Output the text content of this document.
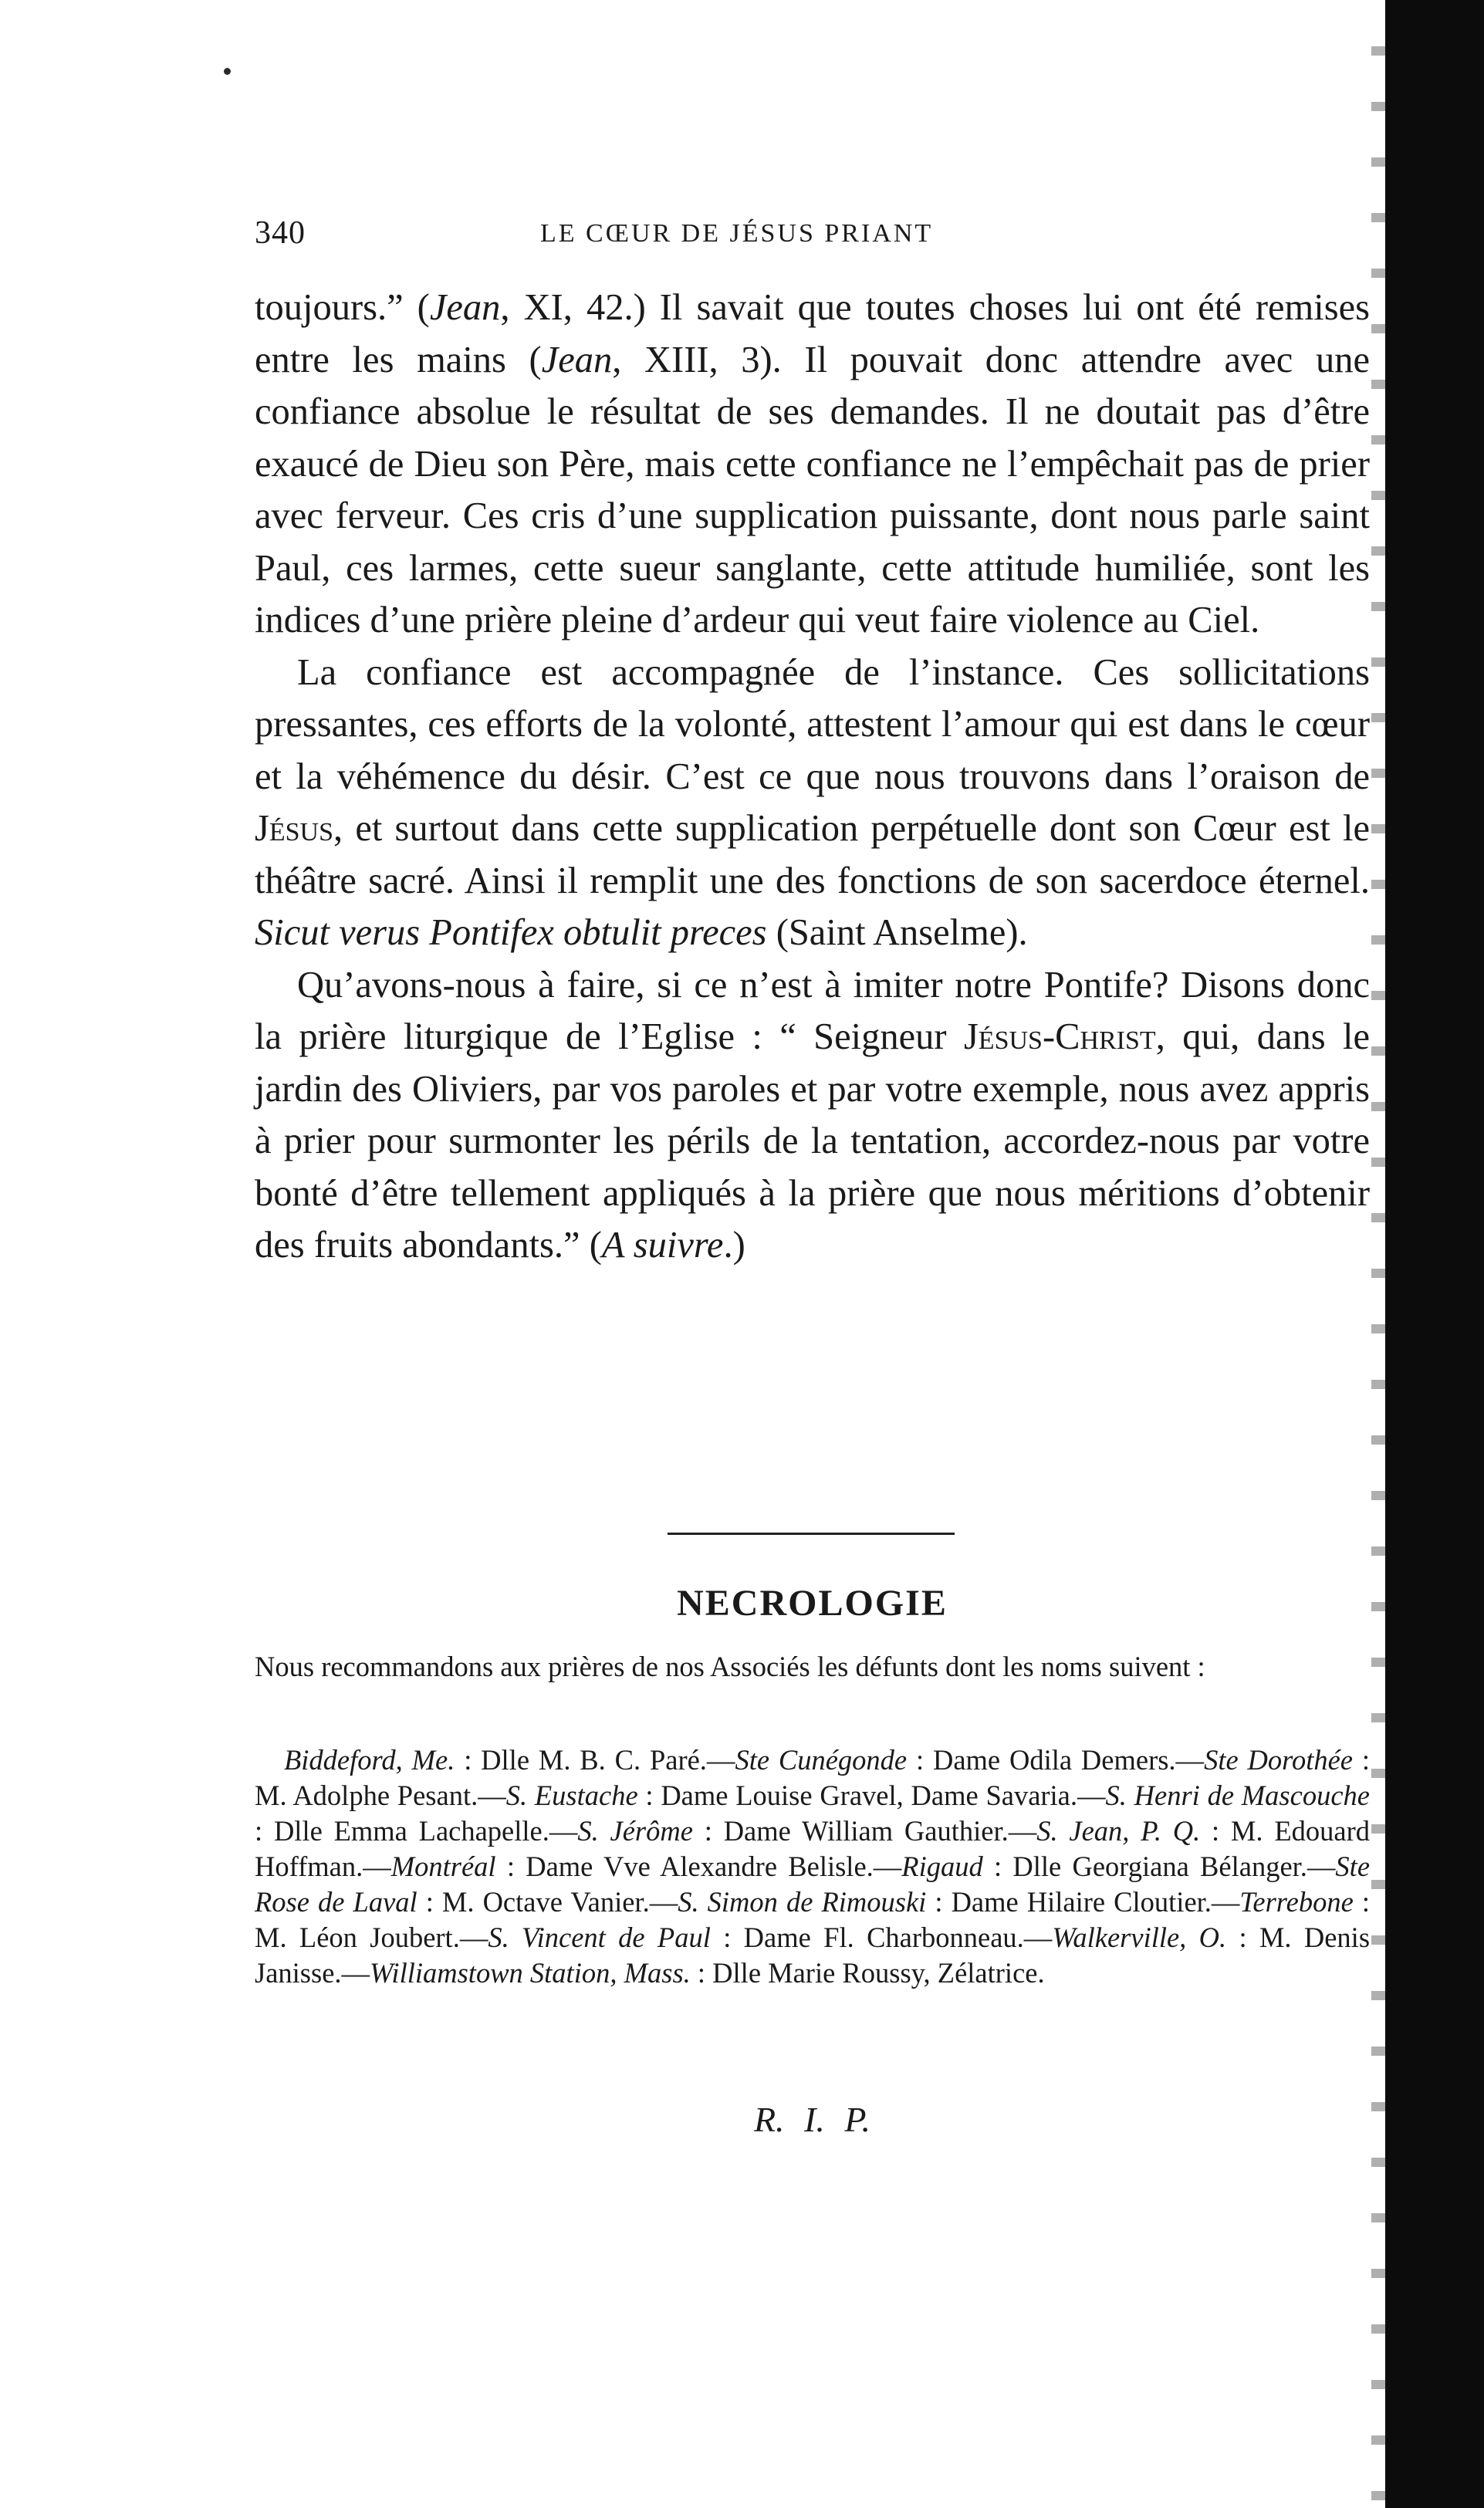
340	LE CŒUR DE JÉSUS PRIANT

toujours.” (Jean, XI, 42.) Il savait que toutes choses lui ont été remises entre les mains (Jean, XIII, 3). Il pouvait donc attendre avec une confiance absolue le résultat de ses demandes. Il ne doutait pas d’être exaucé de Dieu son Père, mais cette confiance ne l’empêchait pas de prier avec ferveur. Ces cris d’une supplication puissante, dont nous parle saint Paul, ces larmes, cette sueur sanglante, cette attitude humiliée, sont les indices d’une prière pleine d’ardeur qui veut faire violence au Ciel.

La confiance est accompagnée de l’instance. Ces sollicitations pressantes, ces efforts de la volonté, attestent l’amour qui est dans le cœur et la véhémence du désir. C’est ce que nous trouvons dans l’oraison de Jésus, et surtout dans cette supplication perpétuelle dont son Cœur est le théâtre sacré. Ainsi il remplit une des fonctions de son sacerdoce éternel. Sicut verus Pontifex obtulit preces (Saint Anselme).

Qu’avons-nous à faire, si ce n’est à imiter notre Pontife? Disons donc la prière liturgique de l’Eglise : “ Seigneur Jésus-Christ, qui, dans le jardin des Oliviers, par vos paroles et par votre exemple, nous avez appris à prier pour surmonter les périls de la tentation, accordez-nous par votre bonté d’être tellement appliqués à la prière que nous méritions d’obtenir des fruits abondants.” (A suivre.)

NECROLOGIE
Nous recommandons aux prières de nos Associés les défunts dont les noms suivent :
Biddeford, Me. : Dlle M. B. C. Paré.—Ste Cunégonde : Dame Odila Demers.—Ste Dorothée : M. Adolphe Pesant.—S. Eustache : Dame Louise Gravel, Dame Savaria.—S. Henri de Mascouche : Dlle Emma Lachapelle.—S. Jérôme : Dame William Gauthier.—S. Jean, P. Q. : M. Edouard Hoffman.—Montréal : Dame Vve Alexandre Belisle.—Rigaud : Dlle Georgiana Bélanger.—Ste Rose de Laval : M. Octave Vanier.—S. Simon de Rimouski : Dame Hilaire Cloutier.—Terrebone : M. Léon Joubert.—S. Vincent de Paul : Dame Fl. Charbonneau.—Walkerville, O. : M. Denis Janisse.—Williamstown Station, Mass. : Dlle Marie Roussy, Zélatrice.
R. I. P.
